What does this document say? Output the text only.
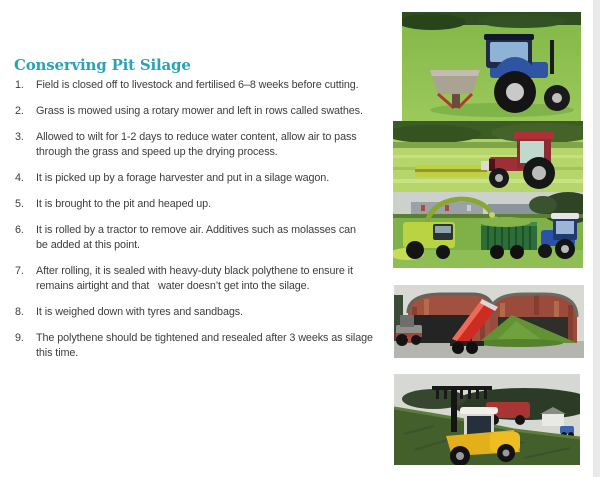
Conserving Pit Silage
1.	Field is closed off to livestock and fertilised 6–8 weeks before cutting.
2.	Grass is mowed using a rotary mower and left in rows called swathes.
3.	Allowed to wilt for 1-2 days to reduce water content, allow air to pass
through the grass and speed up the drying process.
4.	It is picked up by a forage harvester and put in a silage wagon.
5.	It is brought to the pit and heaped up.
6.	It is rolled by a tractor to remove air. Additives such as molasses can
be added at this point.
7.	After rolling, it is sealed with heavy-duty black polythene to ensure it
remains airtight and that   water doesn’t get into the silage.
8.	It is weighed down with tyres and sandbags.
9.	The polythene should be tightened and resealed after 3 weeks as silage
this time.
